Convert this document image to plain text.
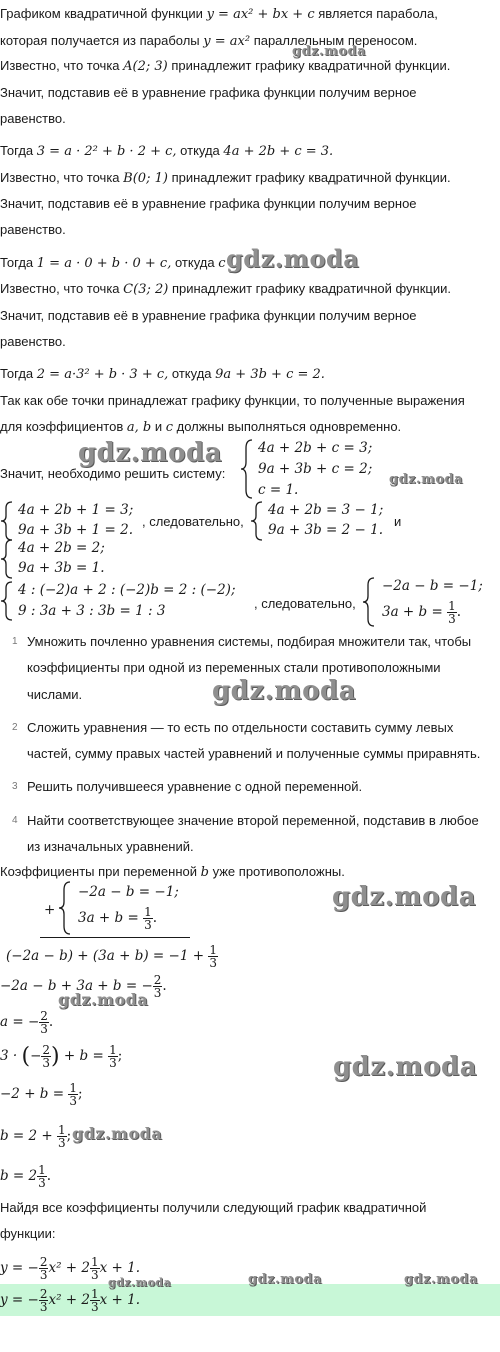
Графиком квадратичной функции y = ax² + bx + c является парабола,
которая получается из параболы y = ax² параллельным переносом.
gdz.moda
Известно, что точка A(2; 3) принадлежит графику квадратичной функции.
Значит, подставив её в уравнение графика функции получим верное
равенство.
Тогда 3 = a · 2² + b · 2 + c, откуда 4a + 2b + c = 3.
Известно, что точка B(0; 1) принадлежит графику квадратичной функции.
Значит, подставив её в уравнение графика функции получим верное
равенство.
Тогда 1 = a · 0 + b · 0 + c, откуда c gdz.moda
Известно, что точка C(3; 2) принадлежит графику квадратичной функции.
Значит, подставив её в уравнение графика функции получим верное
равенство.
Тогда 2 = a·3² + b · 3 + c, откуда 9a + 3b + c = 2.
Так как обе точки принадлежат графику функции, то полученные выражения
для коэффициентов a, b и c должны выполняться одновременно.
gdz.moda
Значит, необходимо решить систему:
4a + 2b + c = 3;
9a + 3b + c = 2;
c = 1.
gdz.moda
4a + 2b + 1 = 3;
9a + 3b + 1 = 2.
, следовательно,
4a + 2b = 3 − 1;
9a + 3b = 2 − 1.
и
4a + 2b = 2;
9a + 3b = 1.
4 : (−2)a + 2 : (−2)b = 2 : (−2);
9 : 3a + 3 : 3b = 1 : 3	, следовательно,
−2a − b = −1;
$3a + b = \frac{1}{3}$ .
1 Умножить почленно уравнения системы, подбирая множители так, чтобы
коэффициенты при одной из переменных стали противоположными
числами.	gdz.moda
2 Сложить уравнения — то есть по отдельности составить сумму левых
частей, сумму правых частей уравнений и полученные суммы приравнять.
3 Решить получившееся уравнение с одной переменной.
4 Найти соответствующее значение второй переменной, подставив в любое
из изначальных уравнений.
Коэффициенты при переменной b уже противоположны.
+
−2a − b = −1;
$3a + b = \frac{1}{3}$ .
gdz.moda
$(-2a - b) + (3a + b) = -1 + \frac{1}{3}$
−2a − b + 3a + b = − $\frac{2}{3}$ .
gdz.moda
a = − $\frac{2}{3}$ .
3 · (− $\frac{2}{3}$ ) + $b = \frac{1}{3}$ ;
$-2 + b = \frac{1}{3}$ ;
gdz.moda
$b = 2 + \frac{1}{3}$ ; gdz.moda
$b = 2 \frac{1}{3}$ .
Найдя все коэффициенты получили следующий график квадратичной
функции:
y = − $\frac{2}{3} x^2 + 2 \frac{1}{3}$ x + 1.
gdz.moda	gdz.moda	gdz.moda
y = − $\frac{2}{3} x^2 + 2 \frac{1}{3}$ x + 1.
